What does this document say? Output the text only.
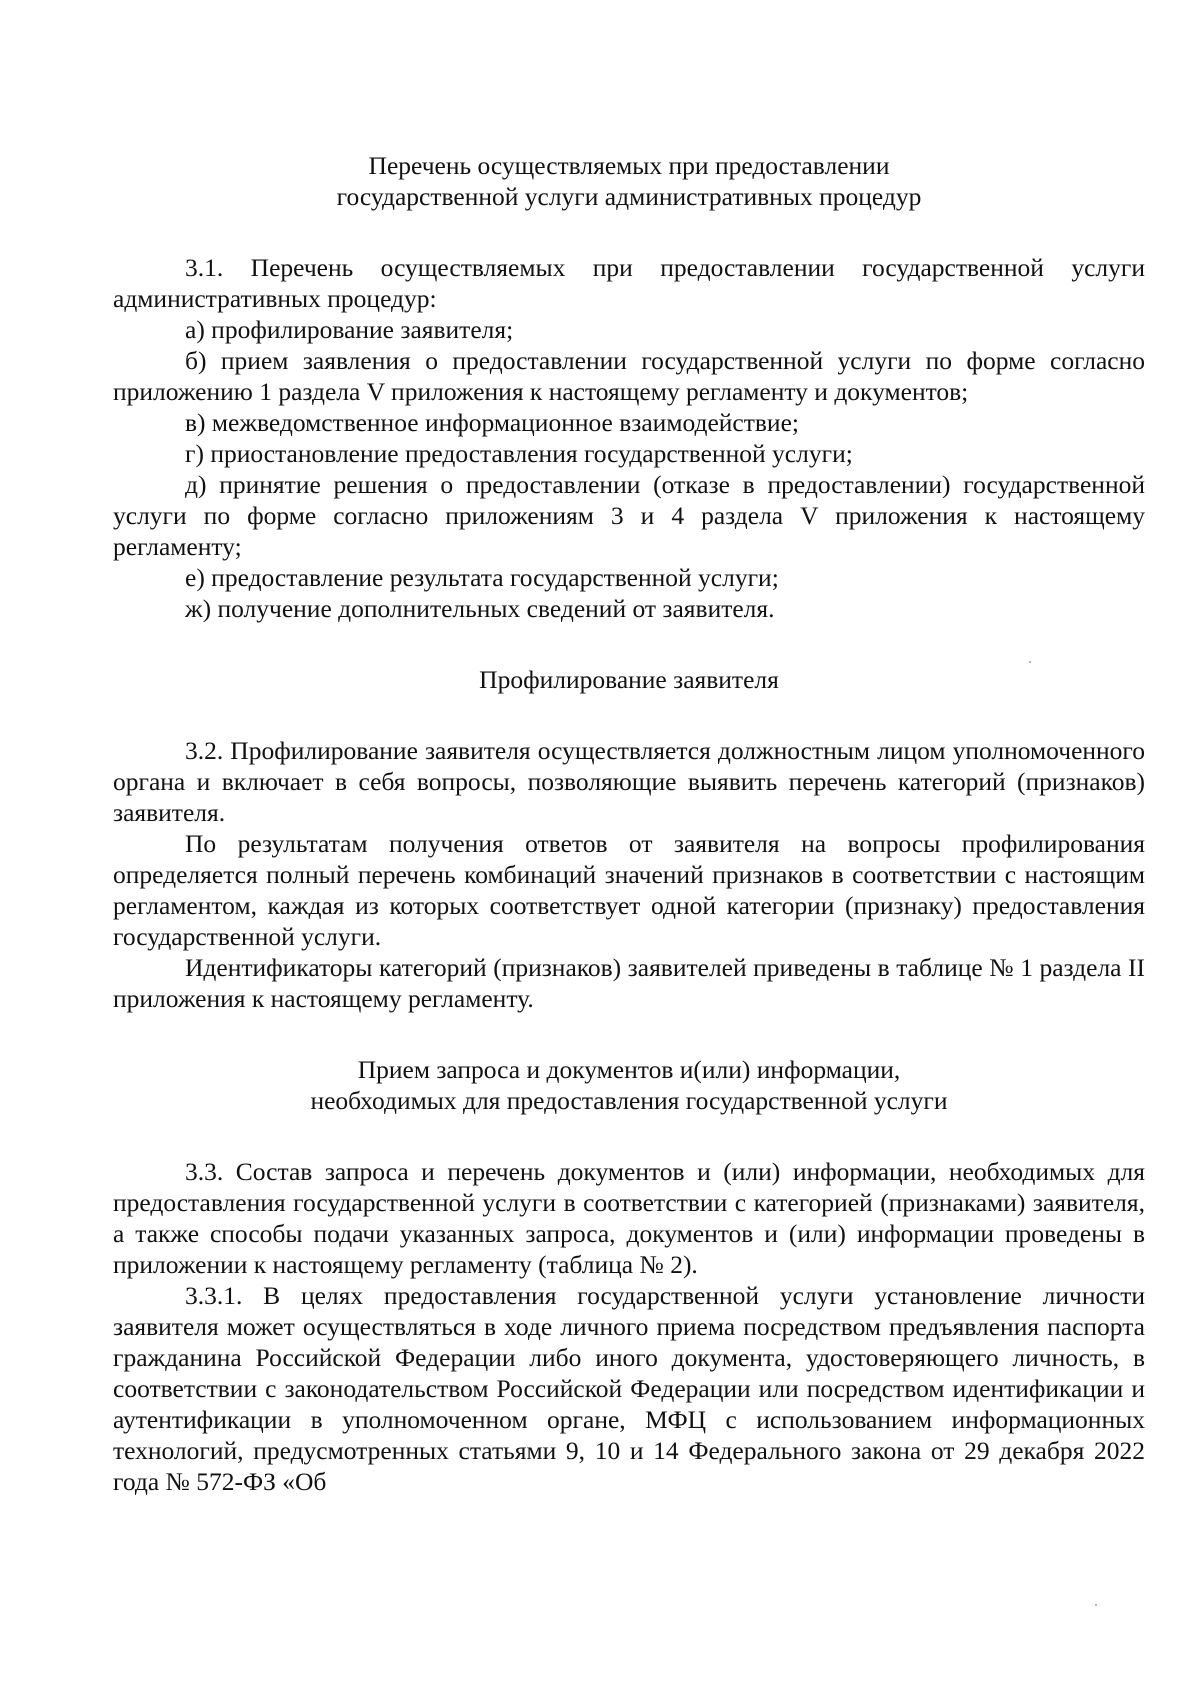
Перечень осуществляемых при предоставлении

государственной услуги административных процедур

3.1. Перечень осуществляемых при предоставлении государственной услуги административных процедур:

а) профилирование заявителя;

б) прием заявления о предоставлении государственной услуги по форме согласно приложению 1 раздела V приложения к настоящему регламенту и документов;

в) межведомственное информационное взаимодействие;

г) приостановление предоставления государственной услуги;

д) принятие решения о предоставлении (отказе в предоставлении) государственной услуги по форме согласно приложениям 3 и 4 раздела V приложения к настоящему регламенту;

е) предоставление результата государственной услуги;

ж) получение дополнительных сведений от заявителя.

Профилирование заявителя

3.2. Профилирование заявителя осуществляется должностным лицом уполномоченного органа и включает в себя вопросы, позволяющие выявить перечень категорий (признаков) заявителя.

По результатам получения ответов от заявителя на вопросы профилирования определяется полный перечень комбинаций значений признаков в соответствии с настоящим регламентом, каждая из которых соответствует одной категории (признаку) предоставления государственной услуги.

Идентификаторы категорий (признаков) заявителей приведены в таблице № 1 раздела II приложения к настоящему регламенту.

Прием запроса и документов и(или) информации,

необходимых для предоставления государственной услуги

3.3. Состав запроса и перечень документов и (или) информации, необходимых для предоставления государственной услуги в соответствии с категорией (признаками) заявителя, а также способы подачи указанных запроса, документов и (или) информации проведены в приложении к настоящему регламенту (таблица № 2).

3.3.1. В целях предоставления государственной услуги установление личности заявителя может осуществляться в ходе личного приема посредством предъявления паспорта гражданина Российской Федерации либо иного документа, удостоверяющего личность, в соответствии с законодательством Российской Федерации или посредством идентификации и аутентификации в уполномоченном органе, МФЦ с использованием информационных технологий, предусмотренных статьями 9, 10 и 14 Федерального закона от 29 декабря 2022 года № 572-ФЗ «Об
